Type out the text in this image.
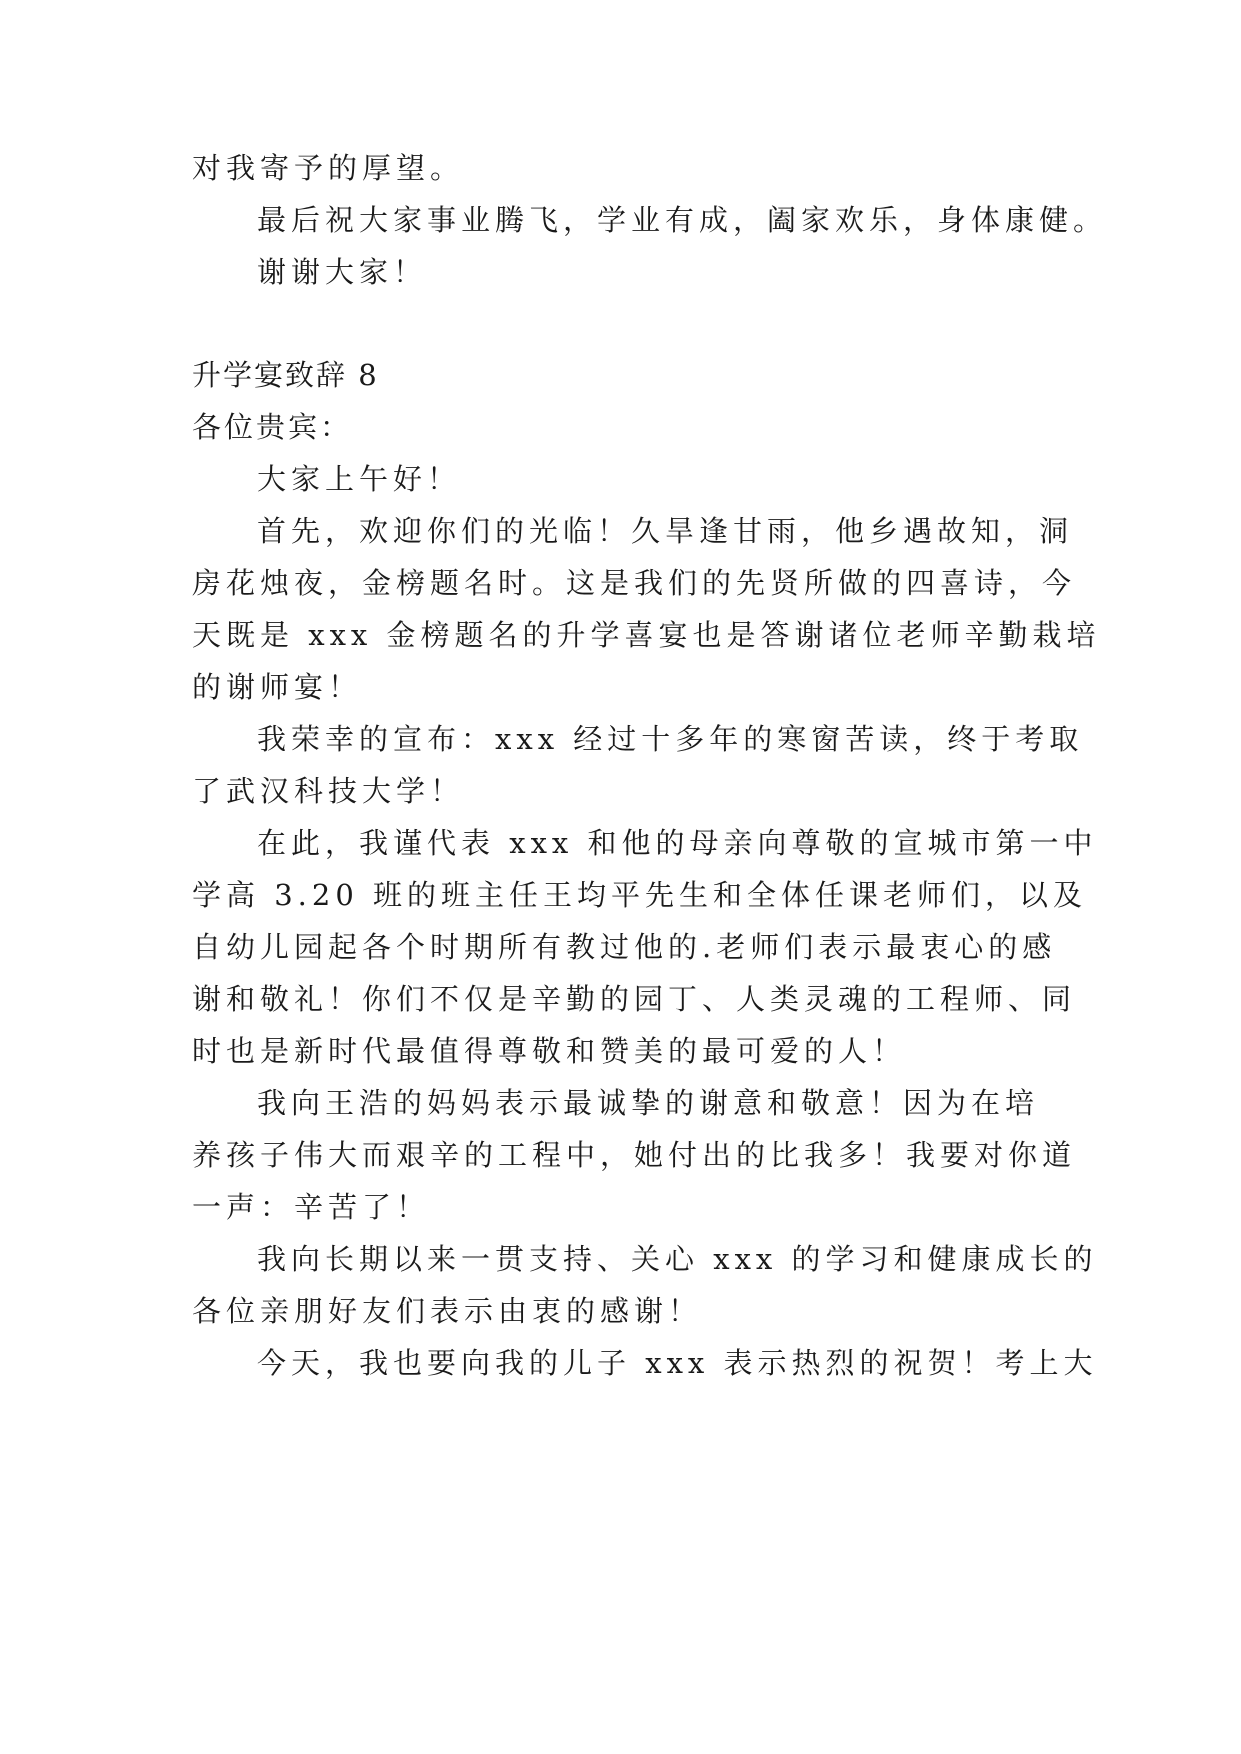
对我寄予的厚望。

最后祝大家事业腾飞，学业有成，阖家欢乐，身体康健。

谢谢大家！

升学宴致辞 8

各位贵宾：

大家上午好！

首先，欢迎你们的光临！久旱逢甘雨，他乡遇故知，洞

房花烛夜，金榜题名时。这是我们的先贤所做的四喜诗，今

天既是 xxx 金榜题名的升学喜宴也是答谢诸位老师辛勤栽培

的谢师宴！

我荣幸的宣布：xxx 经过十多年的寒窗苦读，终于考取

了武汉科技大学！

在此，我谨代表 xxx 和他的母亲向尊敬的宣城市第一中

学高 3.20 班的班主任王均平先生和全体任课老师们，以及

自幼儿园起各个时期所有教过他的.老师们表示最衷心的感

谢和敬礼！你们不仅是辛勤的园丁、人类灵魂的工程师、同

时也是新时代最值得尊敬和赞美的最可爱的人！

我向王浩的妈妈表示最诚挚的谢意和敬意！因为在培

养孩子伟大而艰辛的工程中，她付出的比我多！我要对你道

一声：辛苦了！

我向长期以来一贯支持、关心 xxx 的学习和健康成长的

各位亲朋好友们表示由衷的感谢！

今天，我也要向我的儿子 xxx 表示热烈的祝贺！考上大
